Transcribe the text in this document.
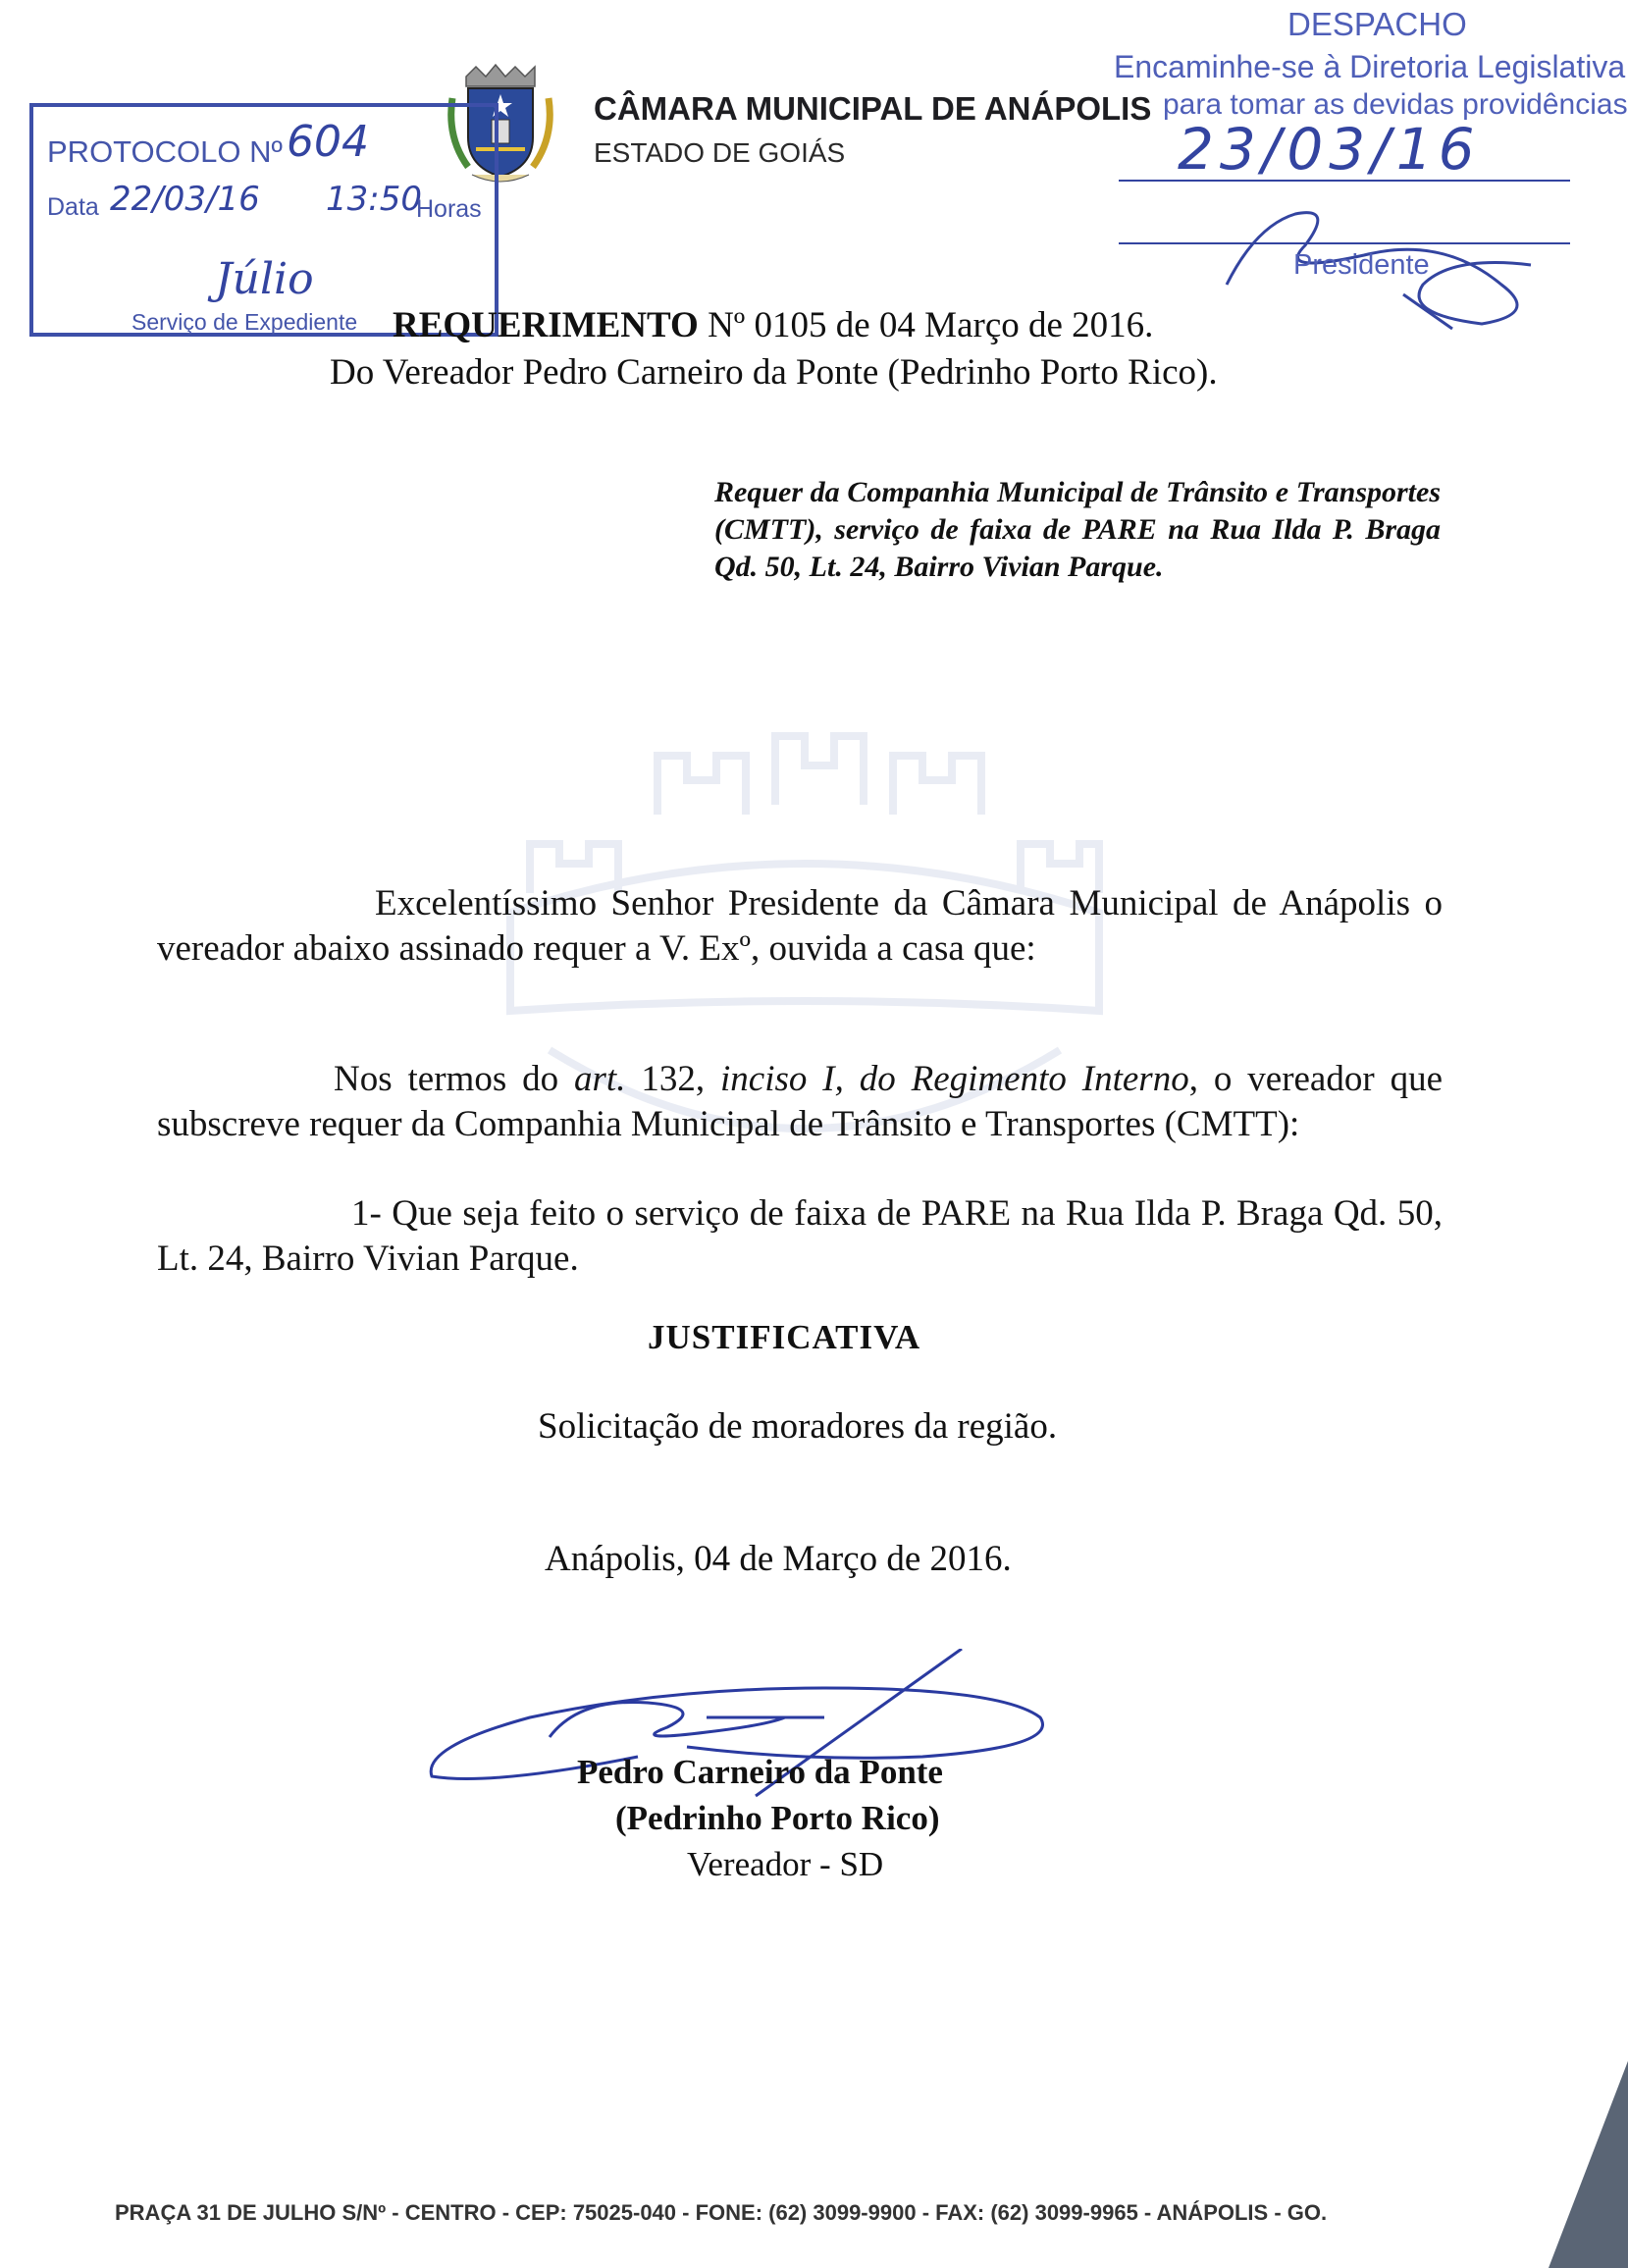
CÂMARA MUNICIPAL DE ANÁPOLIS
ESTADO DE GOIÁS
PROTOCOLO Nº 604
Data 22/03/16 13:50
Horas
Júlio
Serviço de Expediente
DESPACHO
Encaminhe-se à Diretoria Legislativa
para tomar as devidas providências
23/03/16
Presidente
REQUERIMENTO Nº 0105 de 04 Março de 2016.
Do Vereador Pedro Carneiro da Ponte (Pedrinho Porto Rico).
Requer da Companhia Municipal de Trânsito e Transportes (CMTT), serviço de faixa de PARE na Rua Ilda P. Braga Qd. 50, Lt. 24, Bairro Vivian Parque.
Excelentíssimo Senhor Presidente da Câmara Municipal de Anápolis o vereador abaixo assinado requer a V. Exº, ouvida a casa que:
Nos termos do art. 132, inciso I, do Regimento Interno, o vereador que subscreve requer da Companhia Municipal de Trânsito e Transportes (CMTT):
1- Que seja feito o serviço de faixa de PARE na Rua Ilda P. Braga Qd. 50, Lt. 24, Bairro Vivian Parque.
JUSTIFICATIVA
Solicitação de moradores da região.
Anápolis, 04 de Março de 2016.
Pedro Carneiro da Ponte
(Pedrinho Porto Rico)
Vereador - SD
PRAÇA 31 DE JULHO S/Nº - CENTRO - CEP: 75025-040 - FONE: (62) 3099-9900 - FAX: (62) 3099-9965 - ANÁPOLIS - GO.
